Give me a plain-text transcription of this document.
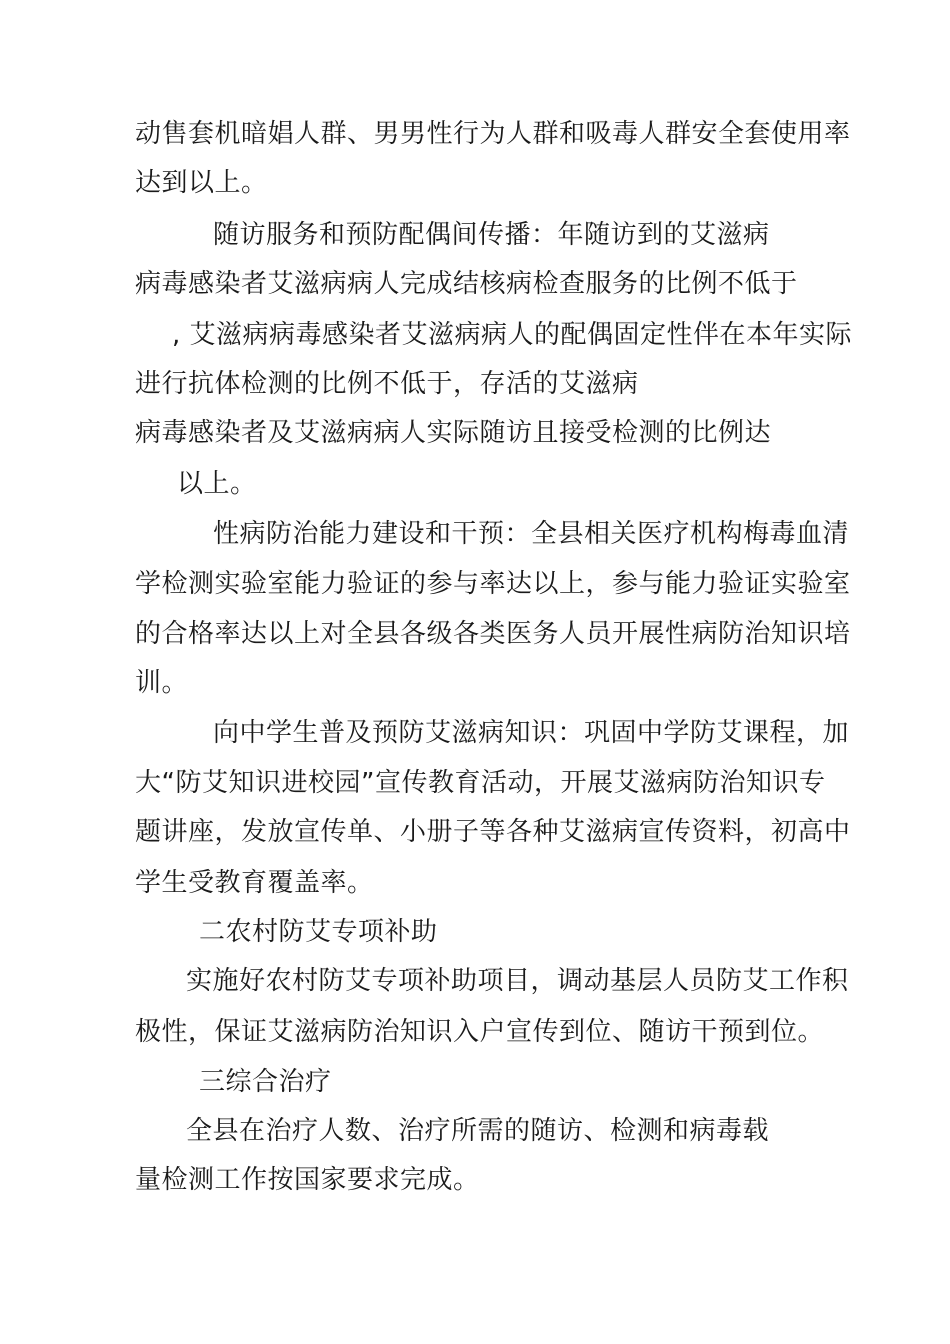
动售套机暗娼人群、男男性行为人群和吸毒人群安全套使用率
达到以上。
随访服务和预防配偶间传播：年随访到的艾滋病
病毒感染者艾滋病病人完成结核病检查服务的比例不低于
, 艾滋病病毒感染者艾滋病病人的配偶固定性伴在本年实际
进行抗体检测的比例不低于，存活的艾滋病
病毒感染者及艾滋病病人实际随访且接受检测的比例达
以上。
性病防治能力建设和干预：全县相关医疗机构梅毒血清
学检测实验室能力验证的参与率达以上，参与能力验证实验室
的合格率达以上对全县各级各类医务人员开展性病防治知识培
训。
向中学生普及预防艾滋病知识：巩固中学防艾课程，加
大“防艾知识进校园”宣传教育活动，开展艾滋病防治知识专
题讲座，发放宣传单、小册子等各种艾滋病宣传资料，初高中
学生受教育覆盖率。
二农村防艾专项补助
实施好农村防艾专项补助项目，调动基层人员防艾工作积
极性，保证艾滋病防治知识入户宣传到位、随访干预到位。
三综合治疗
全县在治疗人数、治疗所需的随访、检测和病毒载
量检测工作按国家要求完成。
